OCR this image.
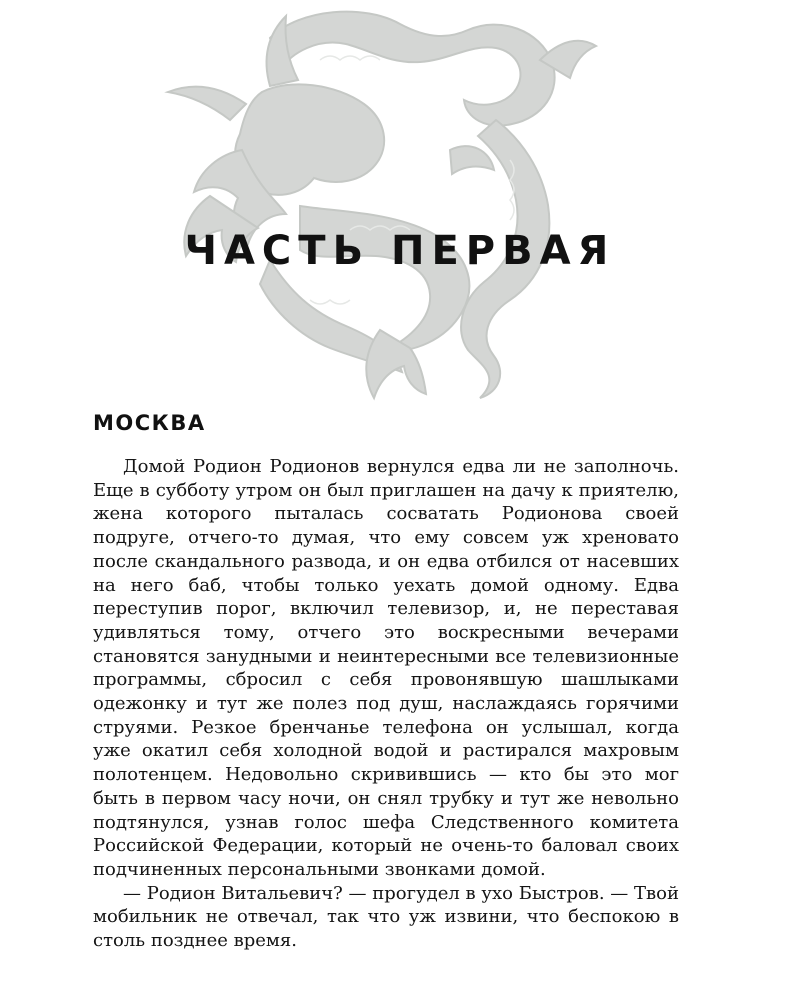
ЧАСТЬ ПЕРВАЯ
МОСКВА

Домой Родион Родионов вернулся едва ли не заполночь. Еще в субботу утром он был приглашен на дачу к приятелю, жена которого пыталась сосватать Родионова своей подруге, отчего-то думая, что ему совсем уж хреновато после скандального развода, и он едва отбился от насевших на него баб, чтобы только уехать домой одному. Едва переступив порог, включил телевизор, и, не переставая удивляться тому, отчего это воскресными вечерами становятся занудными и неинтересными все телевизионные программы, сбросил с себя провонявшую шашлыками одежонку и тут же полез под душ, наслаждаясь горячими струями. Резкое бренчанье телефона он услышал, когда уже окатил себя холодной водой и растирался махровым полотенцем. Недовольно скривившись — кто бы это мог быть в первом часу ночи, он снял трубку и тут же невольно подтянулся, узнав голос шефа Следственного комитета Российской Федерации, который не очень-то баловал своих подчиненных персональными звонками домой.

— Родион Витальевич? — прогудел в ухо Быстров. — Твой мобильник не отвечал, так что уж извини, что беспокою в столь позднее время.
